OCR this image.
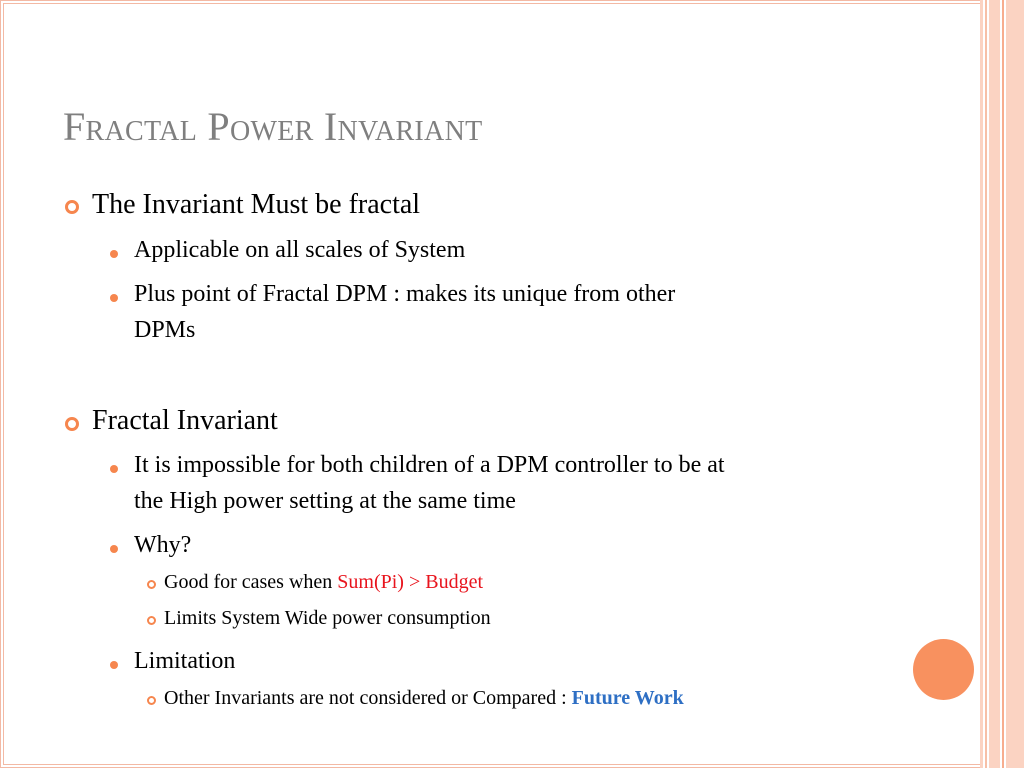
Fractal Power Invariant
The Invariant Must be fractal
Applicable on all scales of System
Plus point of Fractal DPM : makes its unique from other
DPMs
Fractal Invariant
It is impossible for both children of a DPM controller to be at
the High power setting at the same time
Why?
Good for cases when Sum(Pi) > Budget
Limits System Wide power consumption
Limitation
Other Invariants are not considered or Compared : Future Work
